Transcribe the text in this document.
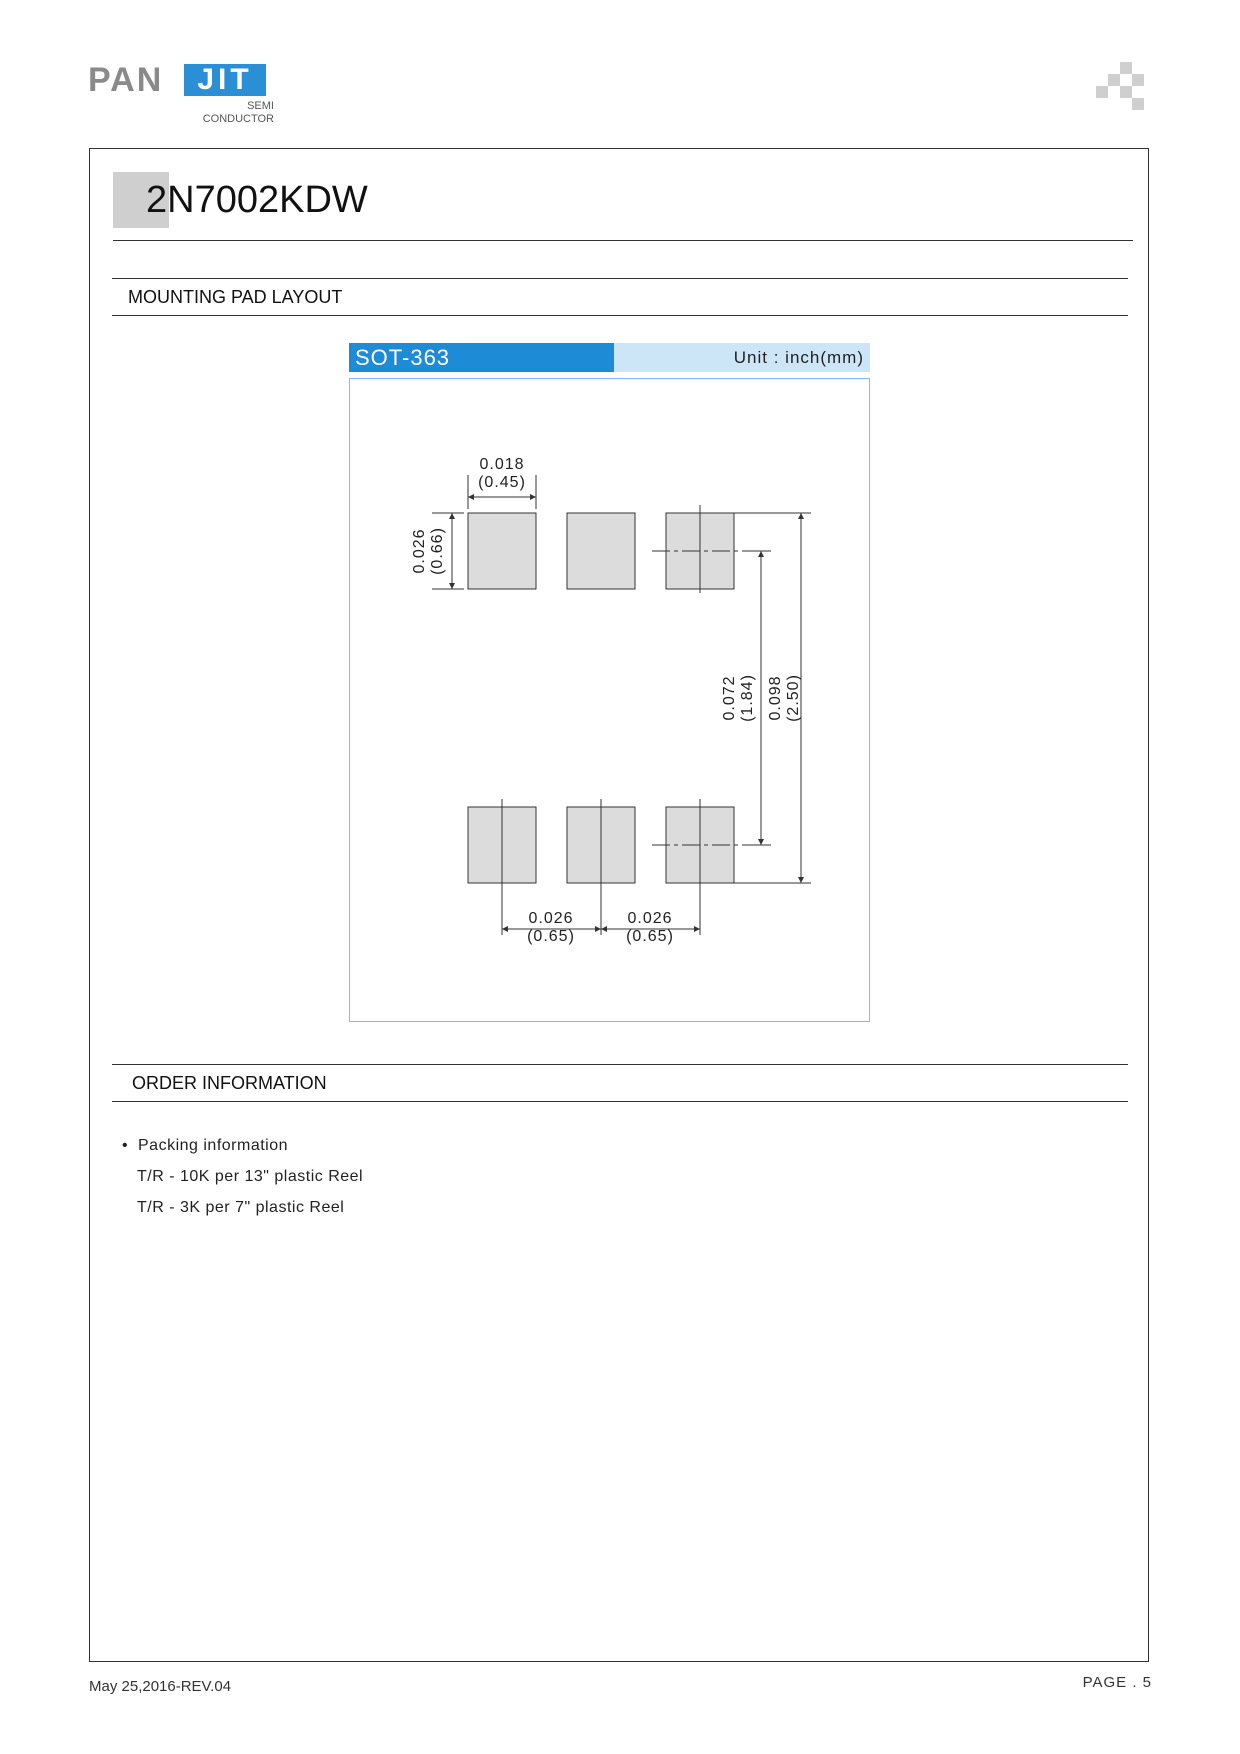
PAN	JIT
SEMI
CONDUCTOR
2N7002KDW
MOUNTING PAD LAYOUT
SOT-363	Unit : inch(mm)
0.018
(0.45)
0.026 (0.66)
0.072 (1.84) 0.098 (2.50)
0.026
(0.65)
0.026
(0.65)
ORDER INFORMATION
• Packing information
T/R - 10K per 13" plastic Reel
T/R - 3K per 7" plastic Reel
May 25,2016-REV.04	PAGE . 5
